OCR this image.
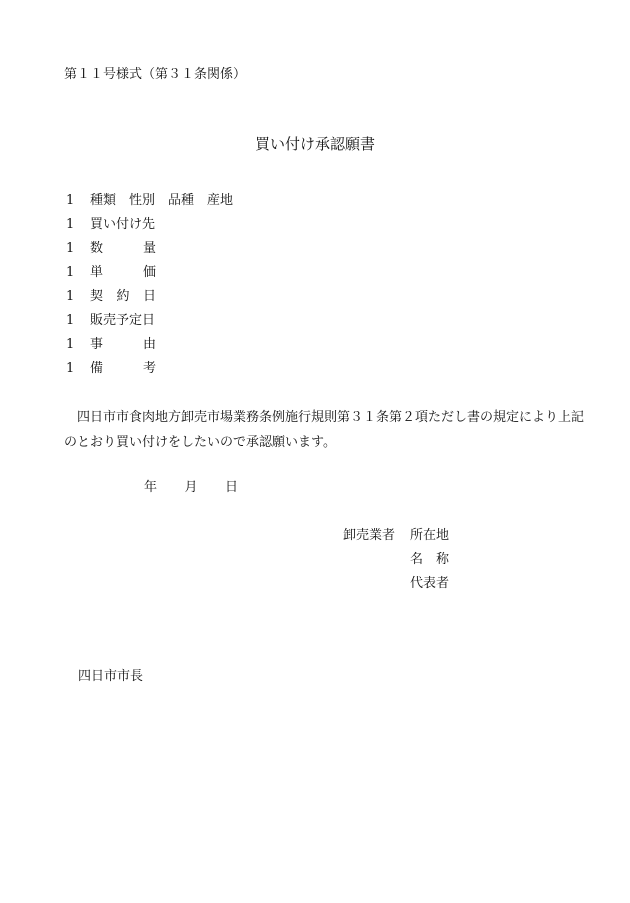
第１１号様式（第３１条関係）
買い付け承認願書
1 種類　性別　品種　産地
1 買い付け先
1 数	量
1 単	価
1 契 約 日
1 販売予定日
1 事	由
1 備	考
四日市市食肉地方卸売市場業務条例施行規則第３１条第２項ただし書の規定により上記のとおり買い付けをしたいので承認願います。
年 月 日
卸売業者 所在地
名 称
代表者
四日市市長
